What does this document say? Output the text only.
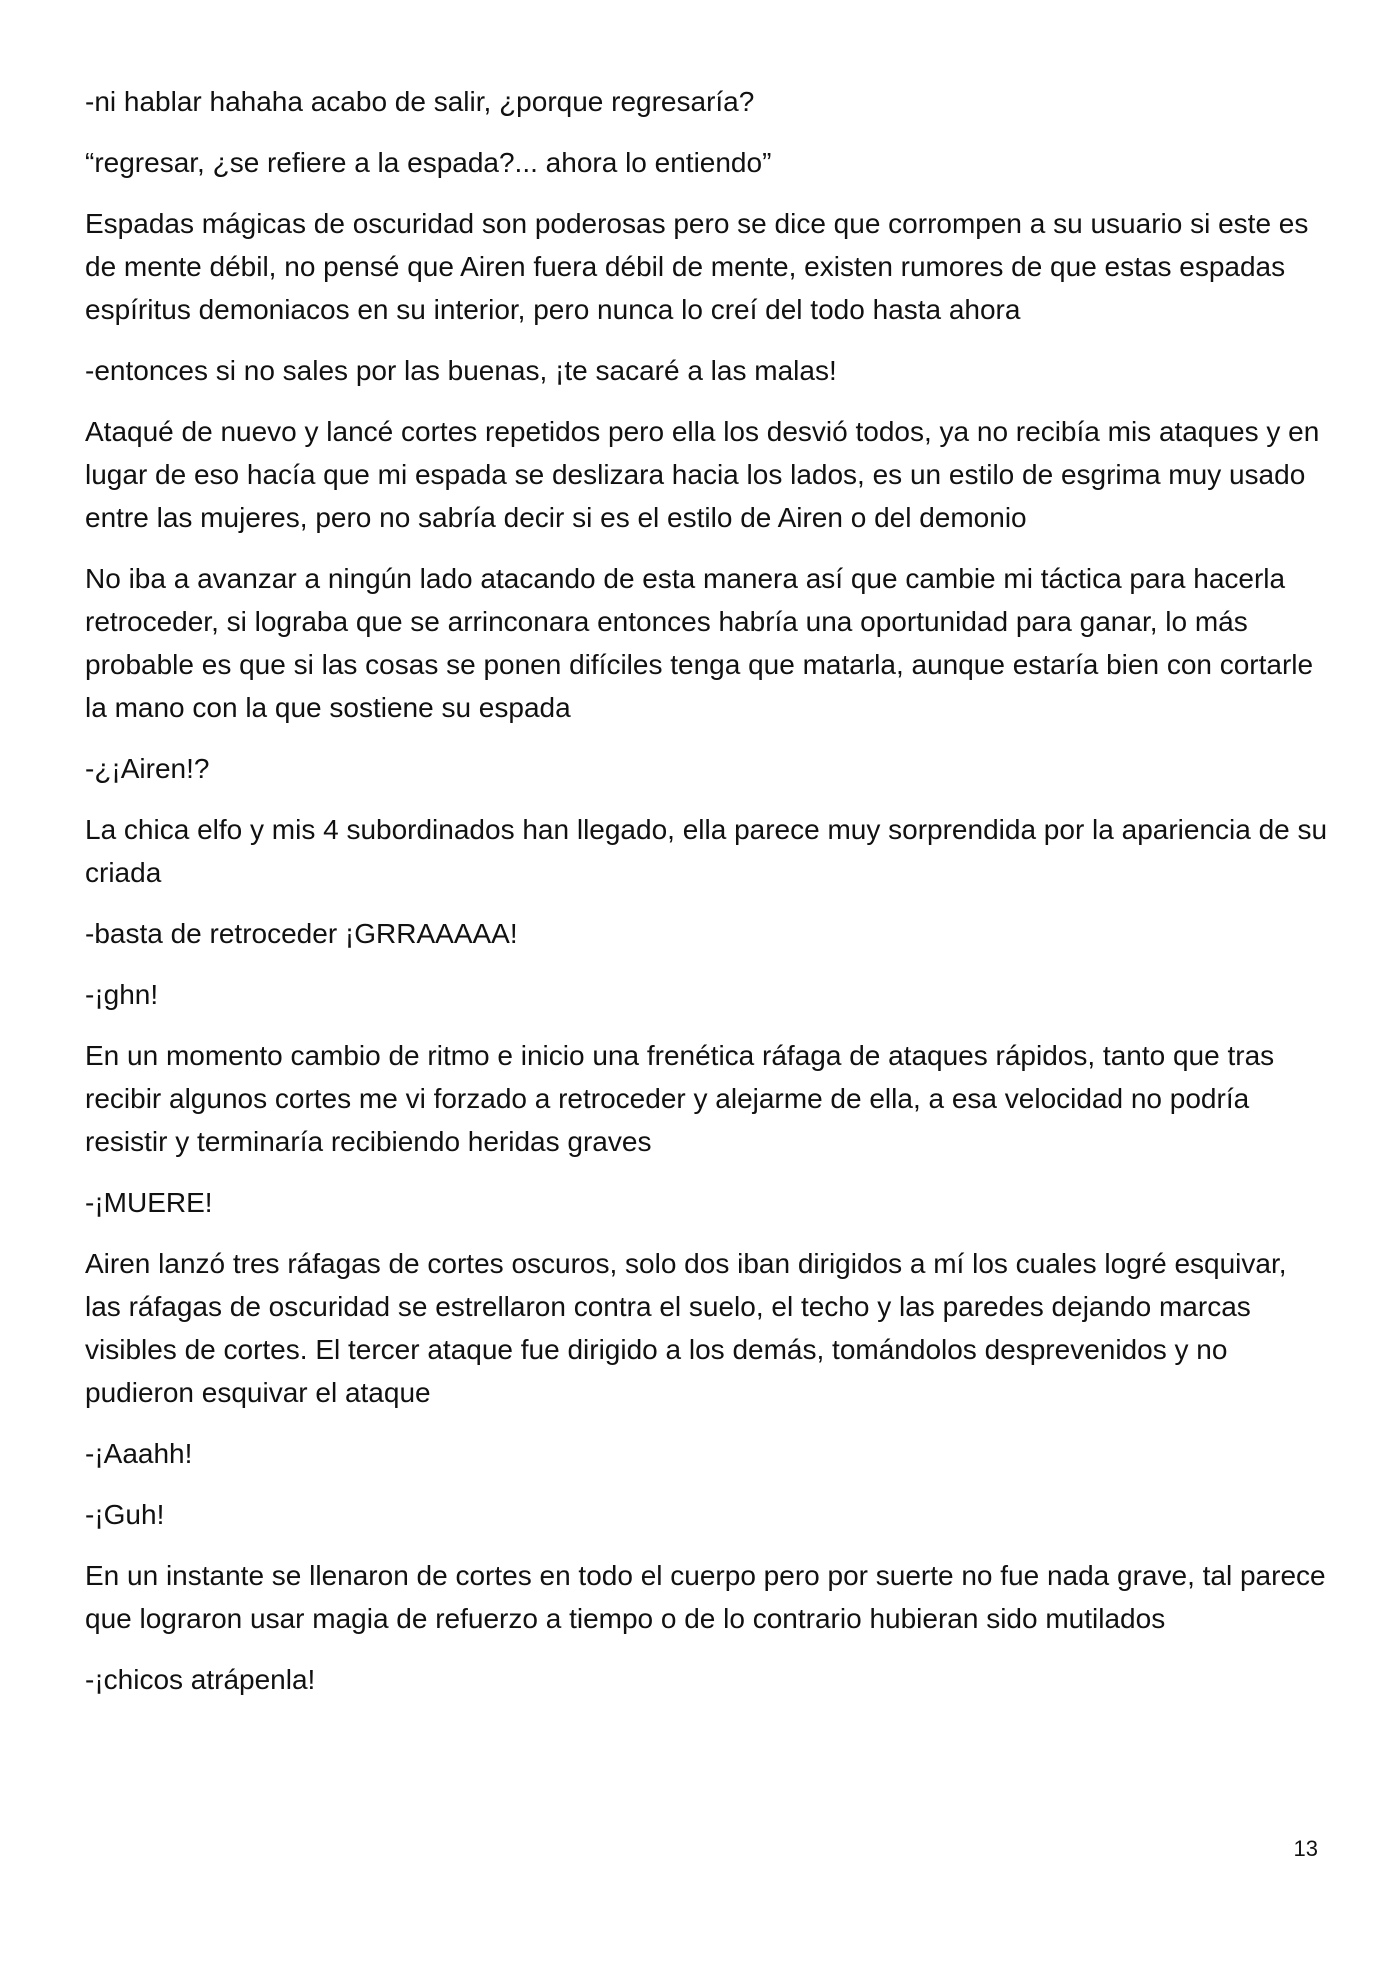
-ni hablar hahaha acabo de salir, ¿porque regresaría?

“regresar, ¿se refiere a la espada?... ahora lo entiendo”

Espadas mágicas de oscuridad son poderosas pero se dice que corrompen a su usuario si este es de mente débil, no pensé que Airen fuera débil de mente, existen rumores de que estas espadas espíritus demoniacos en su interior, pero nunca lo creí del todo hasta ahora

-entonces si no sales por las buenas, ¡te sacaré a las malas!

Ataqué de nuevo y lancé cortes repetidos pero ella los desvió todos, ya no recibía mis ataques y en lugar de eso hacía que mi espada se deslizara hacia los lados, es un estilo de esgrima muy usado entre las mujeres, pero no sabría decir si es el estilo de Airen o del demonio

No iba a avanzar a ningún lado atacando de esta manera así que cambie mi táctica para hacerla retroceder, si lograba que se arrinconara entonces habría una oportunidad para ganar, lo más probable es que si las cosas se ponen difíciles tenga que matarla, aunque estaría bien con cortarle la mano con la que sostiene su espada

-¿¡Airen!?

La chica elfo y mis 4 subordinados han llegado, ella parece muy sorprendida por la apariencia de su criada

-basta de retroceder ¡GRRAAAAA!

-¡ghn!

En un momento cambio de ritmo e inicio una frenética ráfaga de ataques rápidos, tanto que tras recibir algunos cortes me vi forzado a retroceder y alejarme de ella, a esa velocidad no podría resistir y terminaría recibiendo heridas graves

-¡MUERE!

Airen lanzó tres ráfagas de cortes oscuros, solo dos iban dirigidos a mí los cuales logré esquivar, las ráfagas de oscuridad se estrellaron contra el suelo, el techo y las paredes dejando marcas visibles de cortes. El tercer ataque fue dirigido a los demás, tomándolos desprevenidos y no pudieron esquivar el ataque

-¡Aaahh!

-¡Guh!

En un instante se llenaron de cortes en todo el cuerpo pero por suerte no fue nada grave, tal parece que lograron usar magia de refuerzo a tiempo o de lo contrario hubieran sido mutilados

-¡chicos atrápenla!

13
